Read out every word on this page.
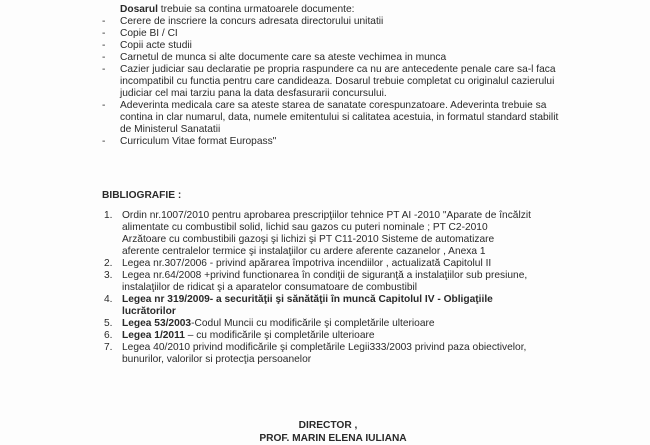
Dosarul trebuie sa contina urmatoarele documente:
- Cerere de inscriere la concurs adresata directorului unitatii
- Copie BI / CI
- Copii acte studii
- Carnetul de munca si alte documente care sa ateste vechimea in munca
- Cazier judiciar sau declaratie pe propria raspundere ca nu are antecedente penale care sa-l faca incompatibil cu functia pentru care candideaza. Dosarul trebuie completat cu originalul cazierului judiciar cel mai tarziu pana la data desfasurarii concursului.
- Adeverinta medicala care sa ateste starea de sanatate corespunzatoare. Adeverinta trebuie sa contina in clar numarul, data, numele emitentului si calitatea acestuia, in formatul standard stabilit de Ministerul Sanatatii
- Curriculum Vitae format Europass"
BIBLIOGRAFIE :
1. Ordin nr.1007/2010 pentru aprobarea prescripţiilor tehnice PT AI -2010 "Aparate de încălzit alimentate cu combustibil solid, lichid sau gazos cu puteri nominale ; PT C2-2010 Arzătoare cu combustibili gazoşi şi lichizi şi PT C11-2010 Sisteme de automatizare aferente centralelor termice şi instalaţiilor cu ardere aferente cazanelor , Anexa 1
2. Legea nr.307/2006 - privind apărarea împotriva incendiilor , actualizată Capitolul II
3. Legea nr.64/2008 +privind functionarea în condiţii de siguranţă a instalaţiilor sub presiune, instalaţiilor de ridicat şi a aparatelor consumatoare de combustibil
4. Legea nr 319/2009- a securităţii şi sănătăţii în muncă Capitolul IV - Obligaţiile lucrătorilor
5. Legea 53/2003-Codul Muncii cu modificările şi completările ulterioare
6. Legea 1/2011 – cu modificările şi completările ulterioare
7. Legea 40/2010 privind modificările şi completările Legii333/2003 privind paza obiectivelor, bunurilor, valorilor si protecţia persoanelor
DIRECTOR ,
PROF. MARIN ELENA IULIANA
